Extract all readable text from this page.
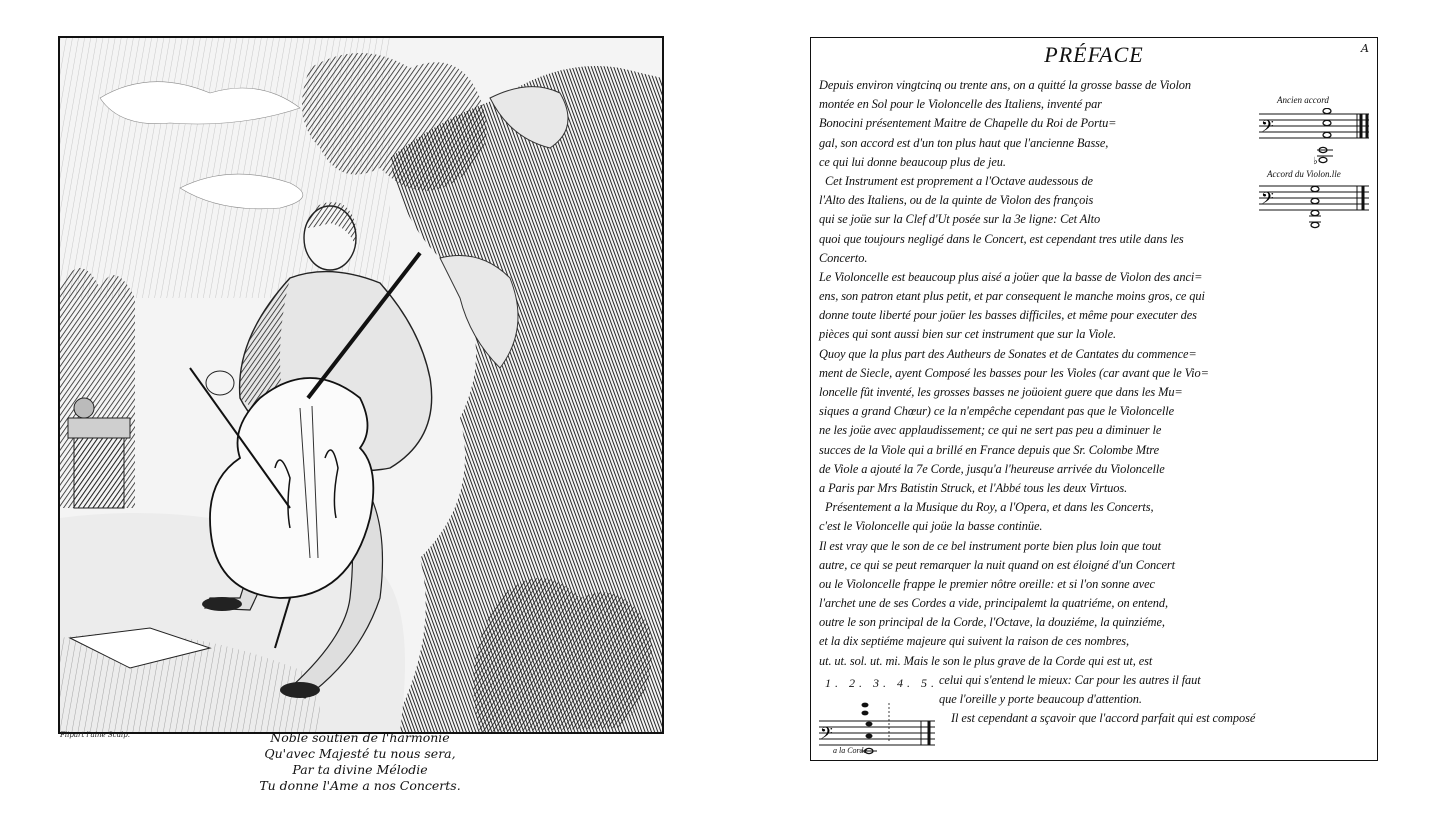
Flipart l'aine Sculp.	Noble soutien de l'harmonie
Qu'avec Majesté tu nous sera,
Par ta divine Mélodie
Tu donne l'Ame a nos Concerts.
PRÉFACE	A
Ancien accord
𝄢
♭
Accord du Violon.lle
𝄢
Depuis environ vingtcinq ou trente ans, on a quitté la grosse basse de Violon
montée en Sol pour le Violoncelle des Italiens, inventé par
Bonocini présentement Maitre de Chapelle du Roi de Portu=
gal, son accord est d'un ton plus haut que l'ancienne Basse,
ce qui lui donne beaucoup plus de jeu.
Cet Instrument est proprement a l'Octave audessous de
l'Alto des Italiens, ou de la quinte de Violon des françois
qui se joüe sur la Clef d'Ut posée sur la 3e ligne: Cet Alto
quoi que toujours negligé dans le Concert, est cependant tres utile dans les
Concerto.
Le Violoncelle est beaucoup plus aisé a joüer que la basse de Violon des anci=
ens, son patron etant plus petit, et par consequent le manche moins gros, ce qui
donne toute liberté pour joüer les basses difficiles, et même pour executer des
pièces qui sont aussi bien sur cet instrument que sur la Viole.
Quoy que la plus part des Autheurs de Sonates et de Cantates du commence=
ment de Siecle, ayent Composé les basses pour les Violes (car avant que le Vio=
loncelle fût inventé, les grosses basses ne joüoient guere que dans les Mu=
siques a grand Chœur) ce la n'empêche cependant pas que le Violoncelle
ne les joüe avec applaudissement; ce qui ne sert pas peu a diminuer le
succes de la Viole qui a brillé en France depuis que Sr. Colombe Mtre
de Viole a ajouté la 7e Corde, jusqu'a l'heureuse arrivée du Violoncelle
a Paris par Mrs Batistin Struck, et l'Abbé tous les deux Virtuos.
Présentement a la Musique du Roy, a l'Opera, et dans les Concerts,
c'est le Violoncelle qui joüe la basse continüe.
Il est vray que le son de ce bel instrument porte bien plus loin que tout
autre, ce qui se peut remarquer la nuit quand on est éloigné d'un Concert
ou le Violoncelle frappe le premier nôtre oreille: et si l'on sonne avec
l'archet une de ses Cordes a vide, principalemt la quatriéme, on entend,
outre le son principal de la Corde, l'Octave, la douziéme, la quinziéme,
et la dix septiéme majeure qui suivent la raison de ces nombres,
ut. ut. sol. ut. mi. Mais le son le plus grave de la Corde qui est ut, est
celui qui s'entend le mieux: Car pour les autres il faut
que l'oreille y porte beaucoup d'attention.
Il est cependant a sçavoir que l'accord parfait qui est composé
1. 2. 3. 4. 5.
𝄢
a la Corde
